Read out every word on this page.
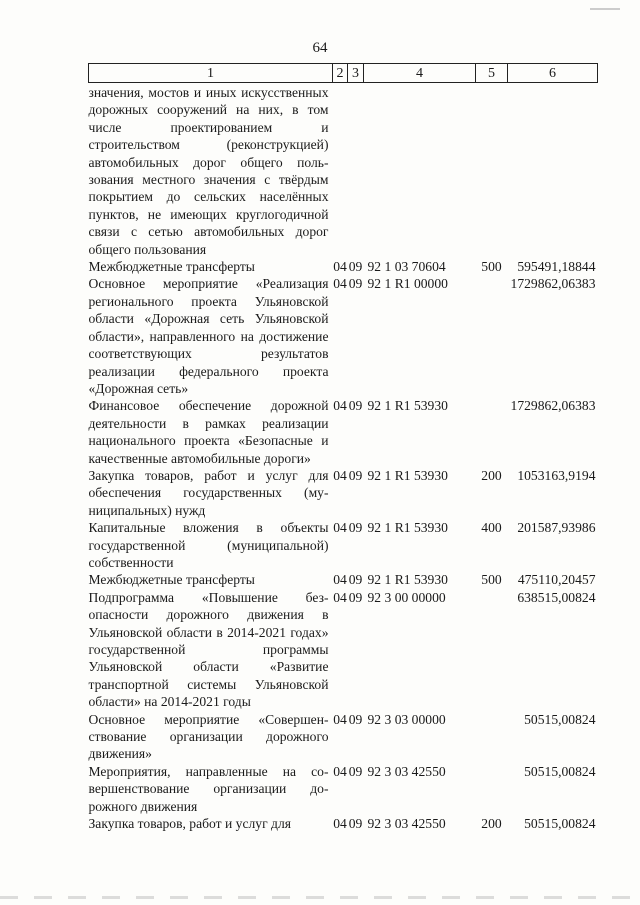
64
1	2	3	4	5	6
значения, мостов и иных искусственных дорожных сооружений на них, в том числе проектированием и строительством (реконструкцией) автомобильных дорог общего пользования местного значения с твёрдым покрытием до сельских населённых пунктов, не имеющих круглогодичной связи с сетью автомобильных дорог общего пользования					
Межбюджетные трансферты	04	09	92 1 03 70604	500	595491,18844
Основное мероприятие «Реализация регионального проекта Ульяновской области «Дорожная сеть Ульяновской области», направленного на достижение соответствующих результатов реализации федерального проекта «Дорожная сеть»	04	09	92 1 R1 00000		1729862,06383
Финансовое обеспечение дорожной деятельности в рамках реализации национального проекта «Безопасные и качественные автомобильные дороги»	04	09	92 1 R1 53930		1729862,06383
Закупка товаров, работ и услуг для обеспечения государственных (муниципальных) нужд	04	09	92 1 R1 53930	200	1053163,9194
Капитальные вложения в объекты государственной (муниципальной) собственности	04	09	92 1 R1 53930	400	201587,93986
Межбюджетные трансферты	04	09	92 1 R1 53930	500	475110,20457
Подпрограмма «Повышение безопасности дорожного движения в Ульяновской области в 2014-2021 годах» государственной программы Ульяновской области «Развитие транспортной системы Ульяновской области» на 2014-2021 годы	04	09	92 3 00 00000		638515,00824
Основное мероприятие «Совершенствование организации дорожного движения»	04	09	92 3 03 00000		50515,00824
Мероприятия, направленные на совершенствование организации дорожного движения	04	09	92 3 03 42550		50515,00824
Закупка товаров, работ и услуг для	04	09	92 3 03 42550	200	50515,00824
